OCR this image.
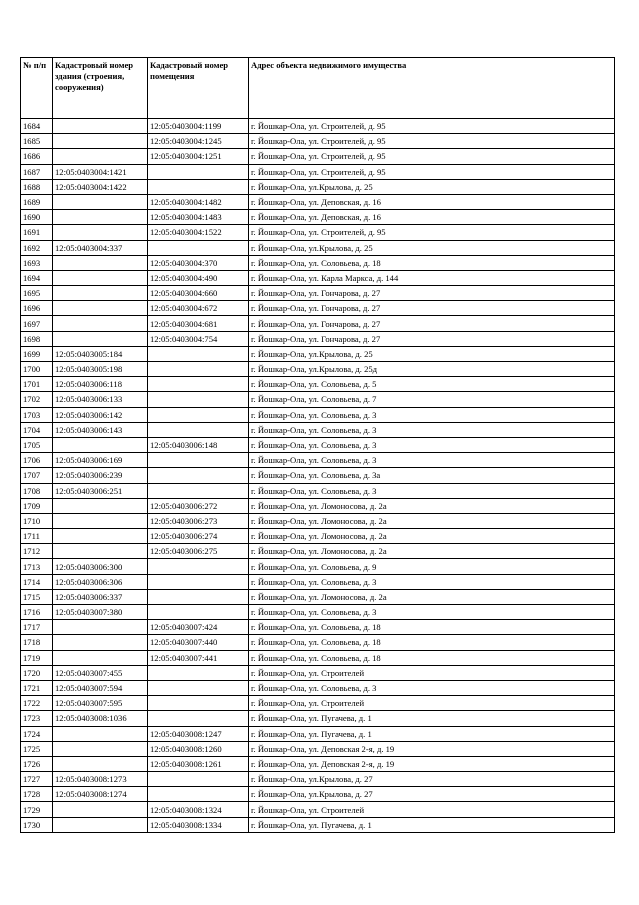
№ п/п	Кадастровый номер здания (строения, сооружения)	Кадастровый номер помещения	Адрес объекта недвижимого имущества
1684		12:05:0403004:1199	г. Йошкар-Ола, ул. Строителей, д. 95
1685		12:05:0403004:1245	г. Йошкар-Ола, ул. Строителей, д. 95
1686		12:05:0403004:1251	г. Йошкар-Ола, ул. Строителей, д. 95
1687	12:05:0403004:1421		г. Йошкар-Ола, ул. Строителей, д. 95
1688	12:05:0403004:1422		г. Йошкар-Ола, ул.Крылова, д. 25
1689		12:05:0403004:1482	г. Йошкар-Ола, ул. Деповская, д. 16
1690		12:05:0403004:1483	г. Йошкар-Ола, ул. Деповская, д. 16
1691		12:05:0403004:1522	г. Йошкар-Ола, ул. Строителей, д. 95
1692	12:05:0403004:337		г. Йошкар-Ола, ул.Крылова, д. 25
1693		12:05:0403004:370	г. Йошкар-Ола, ул. Соловьева, д. 18
1694		12:05:0403004:490	г. Йошкар-Ола, ул. Карла Маркса, д. 144
1695		12:05:0403004:660	г. Йошкар-Ола, ул. Гончарова, д. 27
1696		12:05:0403004:672	г. Йошкар-Ола, ул. Гончарова, д. 27
1697		12:05:0403004:681	г. Йошкар-Ола, ул. Гончарова, д. 27
1698		12:05:0403004:754	г. Йошкар-Ола, ул. Гончарова, д. 27
1699	12:05:0403005:184		г. Йошкар-Ола, ул.Крылова, д. 25
1700	12:05:0403005:198		г. Йошкар-Ола, ул.Крылова, д. 25д
1701	12:05:0403006:118		г. Йошкар-Ола, ул. Соловьева, д. 5
1702	12:05:0403006:133		г. Йошкар-Ола, ул. Соловьева, д. 7
1703	12:05:0403006:142		г. Йошкар-Ола, ул. Соловьева, д. 3
1704	12:05:0403006:143		г. Йошкар-Ола, ул. Соловьева, д. 3
1705		12:05:0403006:148	г. Йошкар-Ола, ул. Соловьева, д. 3
1706	12:05:0403006:169		г. Йошкар-Ола, ул. Соловьева, д. 3
1707	12:05:0403006:239		г. Йошкар-Ола, ул. Соловьева, д. 3а
1708	12:05:0403006:251		г. Йошкар-Ола, ул. Соловьева, д. 3
1709		12:05:0403006:272	г. Йошкар-Ола, ул. Ломоносова, д. 2а
1710		12:05:0403006:273	г. Йошкар-Ола, ул. Ломоносова, д. 2а
1711		12:05:0403006:274	г. Йошкар-Ола, ул. Ломоносова, д. 2а
1712		12:05:0403006:275	г. Йошкар-Ола, ул. Ломоносова, д. 2а
1713	12:05:0403006:300		г. Йошкар-Ола, ул. Соловьева, д. 9
1714	12:05:0403006:306		г. Йошкар-Ола, ул. Соловьева, д. 3
1715	12:05:0403006:337		г. Йошкар-Ола, ул. Ломоносова, д. 2а
1716	12:05:0403007:380		г. Йошкар-Ола, ул. Соловьева, д. 3
1717		12:05:0403007:424	г. Йошкар-Ола, ул. Соловьева, д. 18
1718		12:05:0403007:440	г. Йошкар-Ола, ул. Соловьева, д. 18
1719		12:05:0403007:441	г. Йошкар-Ола, ул. Соловьева, д. 18
1720	12:05:0403007:455		г. Йошкар-Ола, ул. Строителей
1721	12:05:0403007:594		г. Йошкар-Ола, ул. Соловьева, д. 3
1722	12:05:0403007:595		г. Йошкар-Ола, ул. Строителей
1723	12:05:0403008:1036		г. Йошкар-Ола, ул. Пугачева, д. 1
1724		12:05:0403008:1247	г. Йошкар-Ола, ул. Пугачева, д. 1
1725		12:05:0403008:1260	г. Йошкар-Ола, ул. Деповская 2-я, д. 19
1726		12:05:0403008:1261	г. Йошкар-Ола, ул. Деповская 2-я, д. 19
1727	12:05:0403008:1273		г. Йошкар-Ола, ул.Крылова, д. 27
1728	12:05:0403008:1274		г. Йошкар-Ола, ул.Крылова, д. 27
1729		12:05:0403008:1324	г. Йошкар-Ола, ул. Строителей
1730		12:05:0403008:1334	г. Йошкар-Ола, ул. Пугачева, д. 1
